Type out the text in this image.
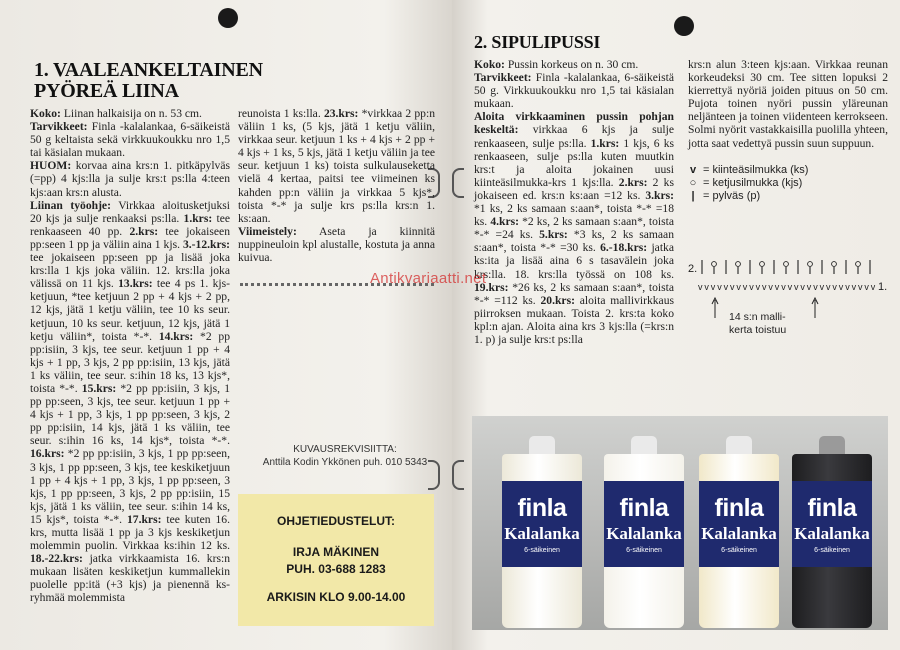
1. VAALEANKELTAINEN
PYÖREÄ LIINA

Koko: Liinan halkaisija on n. 53 cm.

Tarvikkeet: Finla -kalalankaa, 6-säikeistä 50 g keltaista sekä virkkuukoukku nro 1,5 tai käsialan mukaan.

HUOM: korvaa aina krs:n 1. pitkäpylväs (=pp) 4 kjs:lla ja sulje krs:t ps:lla 4:teen kjs:aan krs:n alusta.

Liinan työohje: Virkkaa aloitusketjuksi 20 kjs ja sulje renkaaksi ps:lla. 1.krs: tee renkaaseen 40 pp. 2.krs: tee jokaiseen pp:seen 1 pp ja väliin aina 1 kjs. 3.-12.krs: tee jokaiseen pp:seen pp ja lisää joka krs:lla 1 kjs joka väliin. 12. krs:lla joka välissä on 11 kjs. 13.krs: tee 4 ps 1. kjs-ketjuun, *tee ketjuun 2 pp + 4 kjs + 2 pp, 12 kjs, jätä 1 ketju väliin, tee 10 ks seur. ketjuun, 10 ks seur. ketjuun, 12 kjs, jätä 1 ketju väliin*, toista *-*. 14.krs: *2 pp pp:isiin, 3 kjs, tee seur. ketjuun 1 pp + 4 kjs + 1 pp, 3 kjs, 2 pp pp:isiin, 13 kjs, jätä 1 ks väliin, tee seur. s:ihin 18 ks, 13 kjs*, toista *-*. 15.krs: *2 pp pp:isiin, 3 kjs, 1 pp pp:seen, 3 kjs, tee seur. ketjuun 1 pp + 4 kjs + 1 pp, 3 kjs, 1 pp pp:seen, 3 kjs, 2 pp pp:isiin, 14 kjs, jätä 1 ks väliin, tee seur. s:ihin 16 ks, 14 kjs*, toista *-*. 16.krs: *2 pp pp:isiin, 3 kjs, 1 pp pp:seen, 3 kjs, 1 pp pp:seen, 3 kjs, tee keskiketjuun 1 pp + 4 kjs + 1 pp, 3 kjs, 1 pp pp:seen, 3 kjs, 1 pp pp:seen, 3 kjs, 2 pp pp:isiin, 15 kjs, jätä 1 ks väliin, tee seur. s:ihin 14 ks, 15 kjs*, toista *-*. 17.krs: tee kuten 16. krs, mutta lisää 1 pp ja 3 kjs keskiketjun molemmin puolin. Virkkaa ks:ihin 12 ks. 18.-22.krs: jatka virkkaamista 16. krs:n mukaan lisäten keskiketjun kummallekin puolelle pp:itä (+3 kjs) ja pienennä ks-ryhmää molemmista

reunoista 1 ks:lla. 23.krs: *virkkaa 2 pp:n väliin 1 ks, (5 kjs, jätä 1 ketju väliin, virkkaa seur. ketjuun 1 ks + 4 kjs + 2 pp + 4 kjs + 1 ks, 5 kjs, jätä 1 ketju väliin ja tee seur. ketjuun 1 ks) toista sulkulauseketta vielä 4 kertaa, paitsi tee viimeinen ks kahden pp:n väliin ja virkkaa 5 kjs*, toista *-* ja sulje krs ps:lla krs:n 1. ks:aan.

Viimeistely: Aseta ja kiinnitä nuppineuloin kpl alustalle, kostuta ja anna kuivua.

KUVAUSREKVISIITTA:
Anttila Kodin Ykkönen puh. 010 5343
OHJETIEDUSTELUT:
IRJA MÄKINEN
PUH. 03-688 1283
ARKISIN KLO 9.00-14.00
2. SIPULIPUSSI

Koko: Pussin korkeus on n. 30 cm.

Tarvikkeet: Finla -kalalankaa, 6-säikeistä 50 g. Virkkuukoukku nro 1,5 tai käsialan mukaan.

Aloita virkkaaminen pussin pohjan keskeltä: virkkaa 6 kjs ja sulje renkaaseen, sulje ps:lla. 1.krs: 1 kjs, 6 ks renkaaseen, sulje ps:lla kuten muutkin krs:t ja aloita jokainen uusi kiinteäsilmukka-krs 1 kjs:lla. 2.krs: 2 ks jokaiseen ed. krs:n ks:aan =12 ks. 3.krs: *1 ks, 2 ks samaan s:aan*, toista *-* =18 ks. 4.krs: *2 ks, 2 ks samaan s:aan*, toista *-* =24 ks. 5.krs: *3 ks, 2 ks samaan s:aan*, toista *-* =30 ks. 6.-18.krs: jatka ks:ita ja lisää aina 6 s tasavälein joka krs:lla. 18. krs:lla työssä on 108 ks. 19.krs: *26 ks, 2 ks samaan s:aan*, toista *-* =112 ks. 20.krs: aloita mallivirkkaus piirroksen mukaan. Toista 2. krs:ta koko kpl:n ajan. Aloita aina krs 3 kjs:lla (=krs:n 1. p) ja sulje krs:t ps:lla

krs:n alun 3:teen kjs:aan. Virkkaa reunan korkeudeksi 30 cm. Tee sitten lopuksi 2 kierrettyä nyöriä joiden pituus on 50 cm. Pujota toinen nyöri pussin yläreunan neljänteen ja toinen viidenteen kerrokseen. Solmi nyörit vastakkaisilla puolilla yhteen, jotta saat vedettyä pussin suun suppuun.

v = kiinteäsilmukka (ks)
○ = ketjusilmukka (kjs)
| = pylväs (p)
2.
1.
v v v v v v v v v v v v v v v v v v v v v v v v v v v v
14 s:n malli-
kerta toistuu
finla
Kalalanka
6-säikeinen
finla
Kalalanka
6-säikeinen
finla
Kalalanka
6-säikeinen
finla
Kalalanka
6-säikeinen
Antikvariaatti.net
